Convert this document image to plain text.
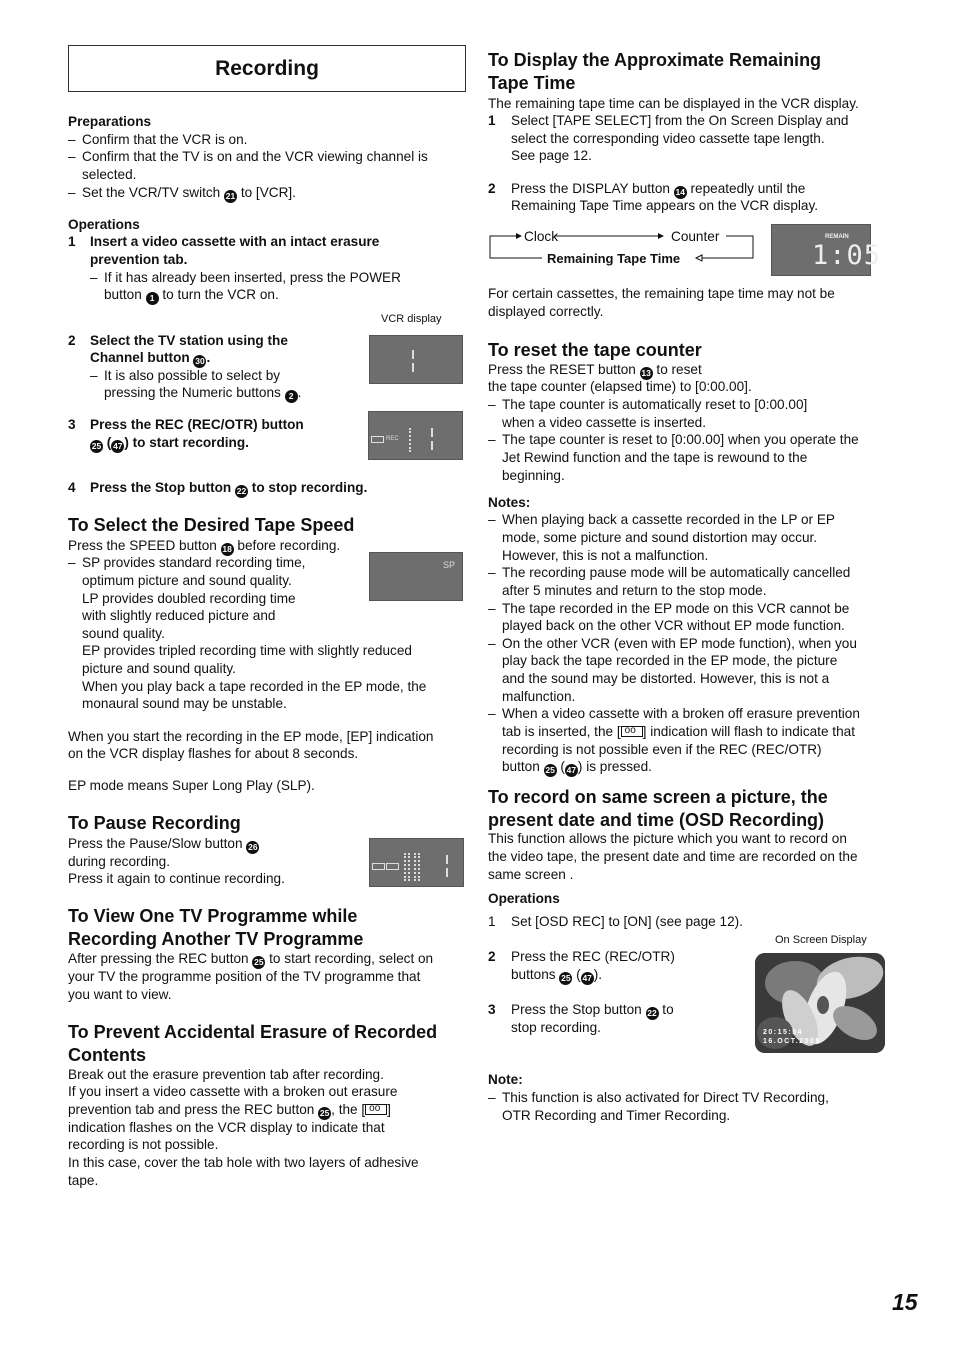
Recording
Preparations
– Confirm that the VCR is on.
– Confirm that the TV is on and the VCR viewing channel is
selected.
– Set the VCR/TV switch 21 to [VCR].
Operations
1 Insert a video cassette with an intact erasure
prevention tab.
– If it has already been inserted, press the POWER
button 1 to turn the VCR on.
VCR display
2 Select the TV station using the
Channel button 30 .
– It is also possible to select by
pressing the Numeric buttons 2 .
3 Press the REC (REC/OTR) button
25 ( 47 ) to start recording.	REC
4 Press the Stop button 22 to stop recording.
To Select the Desired Tape Speed
Press the SPEED button 18 before recording.
– SP provides standard recording time,
optimum picture and sound quality.
LP provides doubled recording time
with slightly reduced picture and
sound quality.
EP provides tripled recording time with slightly reduced
picture and sound quality.
When you play back a tape recorded in the EP mode, the
monaural sound may be unstable.
SP
When you start the recording in the EP mode, [EP] indication
on the VCR display flashes for about 8 seconds.
EP mode means Super Long Play (SLP).
To Pause Recording
Press the Pause/Slow button 26
during recording.
Press it again to continue recording.
To View One TV Programme while
Recording Another TV Programme
After pressing the REC button 25 to start recording, select on
your TV the programme position of the TV programme that
you want to view.
To Prevent Accidental Erasure of Recorded
Contents
Break out the erasure prevention tab after recording.
If you insert a video cassette with a broken out erasure
prevention tab and press the REC button 25 , the [ oo ]
indication flashes on the VCR display to indicate that
recording is not possible.
In this case, cover the tab hole with two layers of adhesive
tape.
To Display the Approximate Remaining
Tape Time
The remaining tape time can be displayed in the VCR display.
1 Select [TAPE SELECT] from the On Screen Display and
select the corresponding video cassette tape length.
See page 12.
2 Press the DISPLAY button 14 repeatedly until the
Remaining Tape Time appears on the VCR display.
Clock	Counter
Remaining Tape Time
REMAIN
1:05
For certain cassettes, the remaining tape time may not be
displayed correctly.
To reset the tape counter
Press the RESET button 13 to reset
the tape counter (elapsed time) to [0:00.00].
– The tape counter is automatically reset to [0:00.00]
when a video cassette is inserted.
– The tape counter is reset to [0:00.00] when you operate the
Jet Rewind function and the tape is rewound to the
beginning.
Notes:
– When playing back a cassette recorded in the LP or EP
mode, some picture and sound distortion may occur.
However, this is not a malfunction.
– The recording pause mode will be automatically cancelled
after 5 minutes and return to the stop mode.
– The tape recorded in the EP mode on this VCR cannot be
played back on the other VCR without EP mode function.
– On the other VCR (even with EP mode function), when you
play back the tape recorded in the EP mode, the picture
and the sound may be distorted. However, this is not a
malfunction.
– When a video cassette with a broken off erasure prevention
tab is inserted, the [ oo ] indication will flash to indicate that
recording is not possible even if the REC (REC/OTR)
button 25 ( 47 ) is pressed.
To record on same screen a picture, the
present date and time (OSD Recording)
This function allows the picture which you want to record on
the video tape, the present date and time are recorded on the
same screen .
Operations
1 Set [OSD REC] to [ON] (see page 12).
On Screen Display
2 Press the REC (REC/OTR)
buttons 25 ( 47 ).
3 Press the Stop button 22 to
stop recording.	20:15:54
16.OCT.2005
Note:
– This function is also activated for Direct TV Recording,
OTR Recording and Timer Recording.
15
